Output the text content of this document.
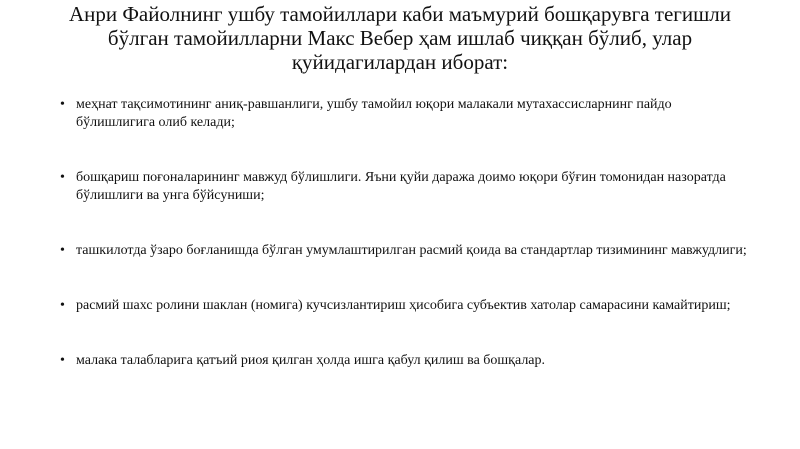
Анри Файолнинг ушбу тамойиллари каби маъмурий бошқарувга тегишли бўлган тамойилларни Макс Вебер ҳам ишлаб чиққан бўлиб, улар қуйидагилардан иборат:
• меҳнат тақсимотининг аниқ-равшанлиги, ушбу тамойил юқори малакали мутахассисларнинг пайдо бўлишлигига олиб келади;
• бошқариш поғоналарининг мавжуд бўлишлиги. Яъни қуйи даража доимо юқори бўғин томонидан назоратда бўлишлиги ва унга бўйсуниши;
• ташкилотда ўзаро боғланишда бўлган умумлаштирилган расмий қоида ва стандартлар тизимининг мавжудлиги;
• расмий шахс ролини шаклан (номига) кучсизлантириш ҳисобига субъектив хатолар самарасини камайтириш;
• малака талабларига қатъий риоя қилган ҳолда ишга қабул қилиш ва бошқалар.
